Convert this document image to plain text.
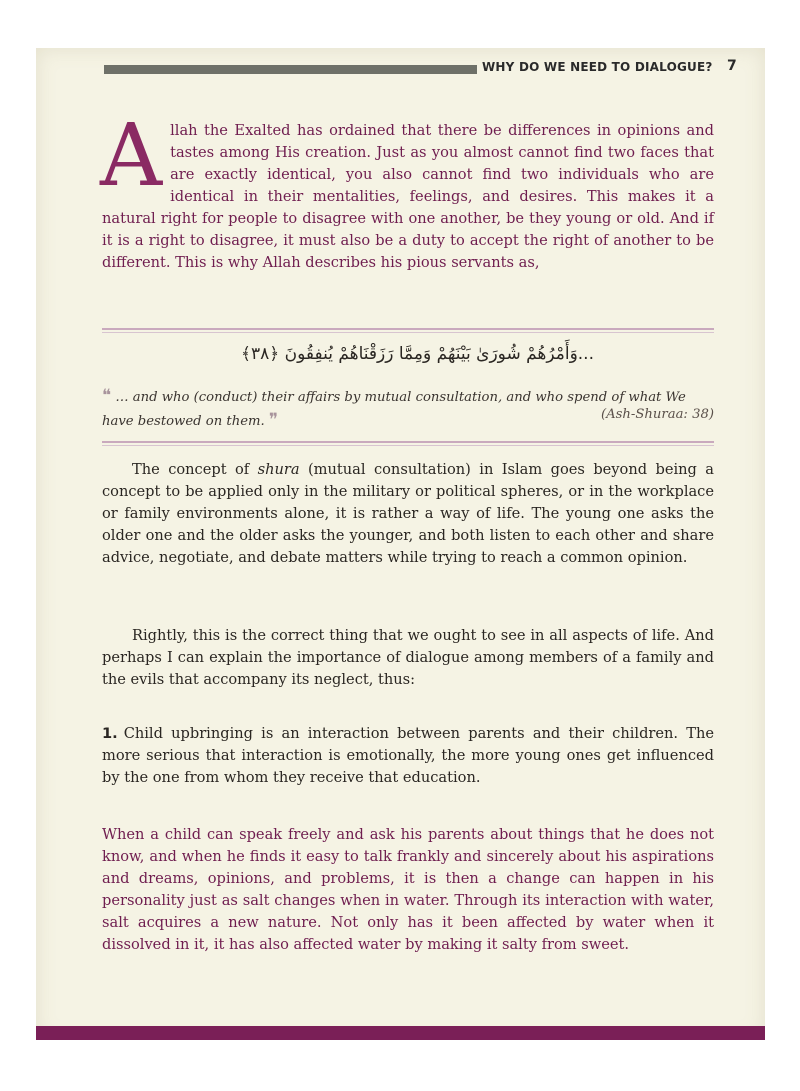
WHY DO WE NEED TO DIALOGUE? 7
Allah the Exalted has ordained that there be differences in opinions and tastes among His creation. Just as you almost cannot find two faces that are exactly identical, you also cannot find two individuals who are identical in their mentalities, feelings, and desires. This makes it a natural right for people to disagree with one another, be they young or old. And if it is a right to disagree, it must also be a duty to accept the right of another to be different. This is why Allah describes his pious servants as,
...وَأَمْرُهُمْ شُورَىٰ بَيْنَهُمْ وَمِمَّا رَزَقْنَاهُمْ يُنفِقُونَ ﴿٣٨﴾
❝ … and who (conduct) their affairs by mutual consultation, and who spend of what We have bestowed on them. ❞	(Ash-Shuraa: 38)

The concept of shura (mutual consultation) in Islam goes beyond being a concept to be applied only in the military or political spheres, or in the workplace or family environments alone, it is rather a way of life. The young one asks the older one and the older asks the younger, and both listen to each other and share advice, negotiate, and debate matters while trying to reach a common opinion.

Rightly, this is the correct thing that we ought to see in all aspects of life. And perhaps I can explain the importance of dialogue among members of a family and the evils that accompany its neglect, thus:

1. Child upbringing is an interaction between parents and their children. The more serious that interaction is emotionally, the more young ones get influenced by the one from whom they receive that education.

When a child can speak freely and ask his parents about things that he does not know, and when he finds it easy to talk frankly and sincerely about his aspirations and dreams, opinions, and problems, it is then a change can happen in his personality just as salt changes when in water. Through its interaction with water, salt acquires a new nature. Not only has it been affected by water when it dissolved in it, it has also affected water by making it salty from sweet.
